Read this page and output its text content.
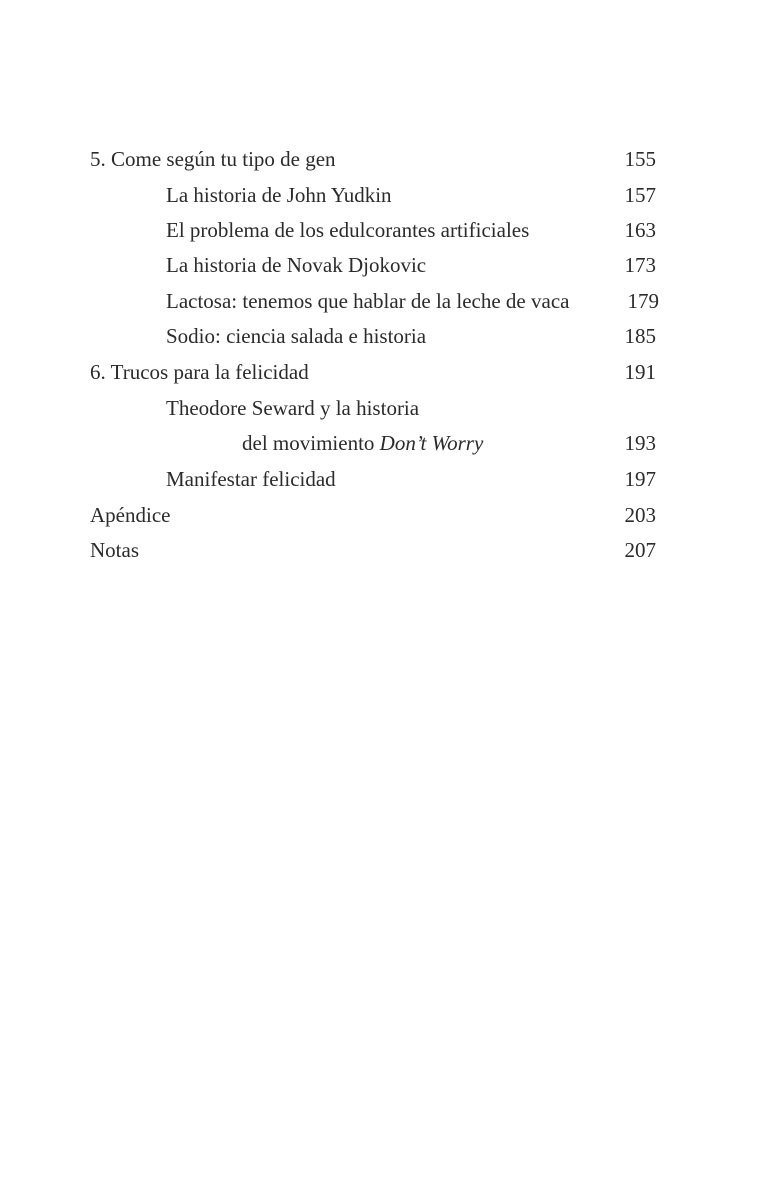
5. Come según tu tipo de gen	155
La historia de John Yudkin	157
El problema de los edulcorantes artificiales	163
La historia de Novak Djokovic	173
Lactosa: tenemos que hablar de la leche de vaca	179
Sodio: ciencia salada e historia	185
6. Trucos para la felicidad	191
Theodore Seward y la historia
del movimiento Don’t Worry	193
Manifestar felicidad	197
Apéndice	203
Notas	207
